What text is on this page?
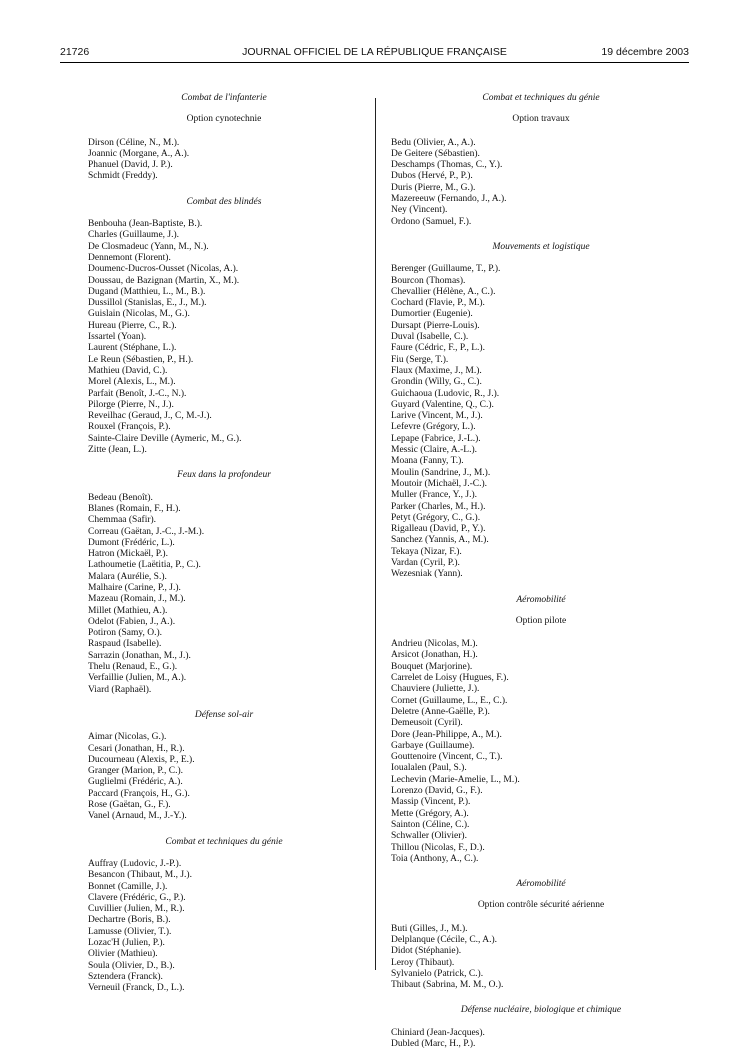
21726	JOURNAL OFFICIEL DE LA RÉPUBLIQUE FRANÇAISE	19 décembre 2003
Combat de l'infanterie
Option cynotechnie
Dirson (Céline, N., M.).
Joannic (Morgane, A., A.).
Phanuel (David, J. P.).
Schmidt (Freddy).
Combat des blindés
Benbouha (Jean-Baptiste, B.).
Charles (Guillaume, J.).
De Closmadeuc (Yann, M., N.).
Dennemont (Florent).
Doumenc-Ducros-Ousset (Nicolas, A.).
Doussau, de Bazignan (Martin, X., M.).
Dugand (Matthieu, L., M., B.).
Dussillol (Stanislas, E., J., M.).
Guislain (Nicolas, M., G.).
Hureau (Pierre, C., R.).
Issartel (Yoan).
Laurent (Stéphane, L.).
Le Reun (Sébastien, P., H.).
Mathieu (David, C.).
Morel (Alexis, L., M.).
Parfait (Benoît, J.-C., N.).
Pilorge (Pierre, N., J.).
Reveilhac (Geraud, J., C, M.-J.).
Rouxel (François, P.).
Sainte-Claire Deville (Aymeric, M., G.).
Zitte (Jean, L.).
Feux dans la profondeur
Bedeau (Benoît).
Blanes (Romain, F., H.).
Chemmaa (Safir).
Correau (Gaëtan, J.-C., J.-M.).
Dumont (Frédéric, L.).
Hatron (Mickaël, P.).
Lathoumetie (Laëtitia, P., C.).
Malara (Aurélie, S.).
Malhaire (Carine, P., J.).
Mazeau (Romain, J., M.).
Millet (Mathieu, A.).
Odelot (Fabien, J., A.).
Potiron (Samy, O.).
Raspaud (Isabelle).
Sarrazin (Jonathan, M., J.).
Thelu (Renaud, E., G.).
Verfaillie (Julien, M., A.).
Viard (Raphaël).
Défense sol-air
Aimar (Nicolas, G.).
Cesari (Jonathan, H., R.).
Ducourneau (Alexis, P., E.).
Granger (Marion, P., C.).
Guglielmi (Frédéric, A.).
Paccard (François, H., G.).
Rose (Gaëtan, G., F.).
Vanel (Arnaud, M., J.-Y.).
Combat et techniques du génie
Auffray (Ludovic, J.-P.).
Besancon (Thibaut, M., J.).
Bonnet (Camille, J.).
Clavere (Frédéric, G., P.).
Cuvillier (Julien, M., R.).
Dechartre (Boris, B.).
Lamusse (Olivier, T.).
Lozac'H (Julien, P.).
Olivier (Mathieu).
Soula (Olivier, D., B.).
Sztendera (Franck).
Verneuil (Franck, D., L.).
Combat et techniques du génie
Option travaux
Bedu (Olivier, A., A.).
De Geitere (Sébastien).
Deschamps (Thomas, C., Y.).
Dubos (Hervé, P., P.).
Duris (Pierre, M., G.).
Mazereeuw (Fernando, J., A.).
Ney (Vincent).
Ordono (Samuel, F.).
Mouvements et logistique
Berenger (Guillaume, T., P.).
Bourcon (Thomas).
Chevallier (Hélène, A., C.).
Cochard (Flavie, P., M.).
Dumortier (Eugenie).
Dursapt (Pierre-Louis).
Duval (Isabelle, C.).
Faure (Cédric, F., P., L.).
Fiu (Serge, T.).
Flaux (Maxime, J., M.).
Grondin (Willy, G., C.).
Guichaoua (Ludovic, R., J.).
Guyard (Valentine, Q., C.).
Larive (Vincent, M., J.).
Lefevre (Grégory, L.).
Lepape (Fabrice, J.-L.).
Messic (Claire, A.-L.).
Moana (Fanny, T.).
Moulin (Sandrine, J., M.).
Moutoir (Michaël, J.-C.).
Muller (France, Y., J.).
Parker (Charles, M., H.).
Petyt (Grégory, C., G.).
Rigalleau (David, P., Y.).
Sanchez (Yannis, A., M.).
Tekaya (Nizar, F.).
Vardan (Cyril, P.).
Wezesniak (Yann).
Aéromobilité
Option pilote
Andrieu (Nicolas, M.).
Arsicot (Jonathan, H.).
Bouquet (Marjorine).
Carrelet de Loisy (Hugues, F.).
Chauviere (Juliette, J.).
Cornet (Guillaume, L., E., C.).
Deletre (Anne-Gaëlle, P.).
Demeusoit (Cyril).
Dore (Jean-Philippe, A., M.).
Garbaye (Guillaume).
Gouttenoire (Vincent, C., T.).
Ioualalen (Paul, S.).
Lechevin (Marie-Amelie, L., M.).
Lorenzo (David, G., F.).
Massip (Vincent, P.).
Mette (Grégory, A.).
Sainton (Céline, C.).
Schwaller (Olivier).
Thillou (Nicolas, F., D.).
Toia (Anthony, A., C.).
Aéromobilité
Option contrôle sécurité aérienne
Buti (Gilles, J., M.).
Delplanque (Cécile, C., A.).
Didot (Stéphanie).
Leroy (Thibaut).
Sylvanielo (Patrick, C.).
Thibaut (Sabrina, M. M., O.).
Défense nucléaire, biologique et chimique
Chiniard (Jean-Jacques).
Dubled (Marc, H., P.).
